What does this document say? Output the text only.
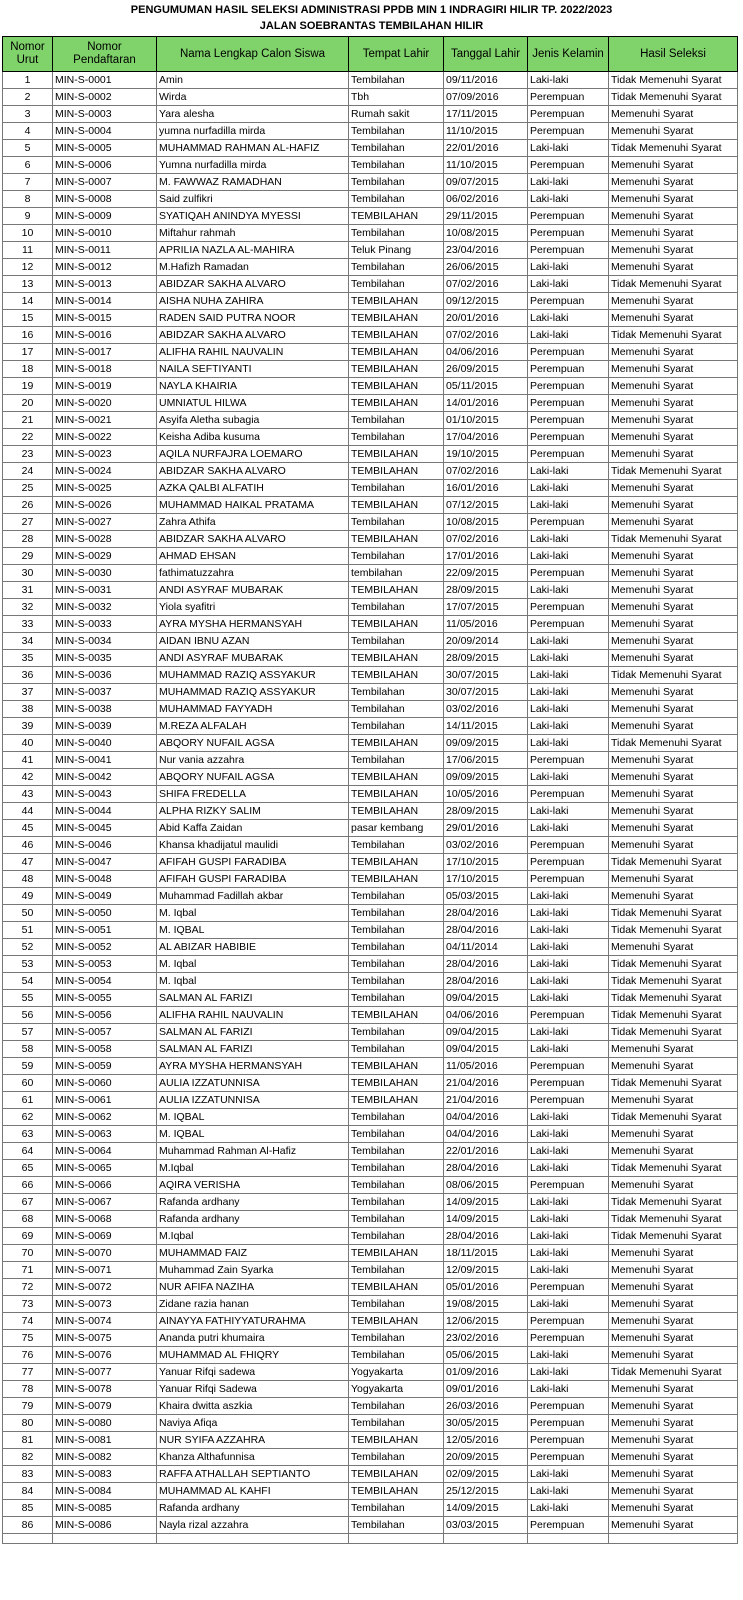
PENGUMUMAN HASIL SELEKSI ADMINISTRASI PPDB MIN 1 INDRAGIRI HILIR TP. 2022/2023
JALAN SOEBRANTAS TEMBILAHAN HILIR
Nomor Urut	Nomor Pendaftaran	Nama Lengkap Calon Siswa	Tempat Lahir	Tanggal Lahir	Jenis Kelamin	Hasil Seleksi
1	MIN-S-0001	Amin	Tembilahan	09/11/2016	Laki-laki	Tidak Memenuhi Syarat
2	MIN-S-0002	Wirda	Tbh	07/09/2016	Perempuan	Tidak Memenuhi Syarat
3	MIN-S-0003	Yara alesha	Rumah sakit	17/11/2015	Perempuan	Memenuhi Syarat
4	MIN-S-0004	yumna nurfadilla mirda	Tembilahan	11/10/2015	Perempuan	Memenuhi Syarat
5	MIN-S-0005	MUHAMMAD RAHMAN AL-HAFIZ	Tembilahan	22/01/2016	Laki-laki	Tidak Memenuhi Syarat
6	MIN-S-0006	Yumna nurfadilla mirda	Tembilahan	11/10/2015	Perempuan	Memenuhi Syarat
7	MIN-S-0007	M. FAWWAZ RAMADHAN	Tembilahan	09/07/2015	Laki-laki	Memenuhi Syarat
8	MIN-S-0008	Said zulfikri	Tembilahan	06/02/2016	Laki-laki	Memenuhi Syarat
9	MIN-S-0009	SYATIQAH ANINDYA MYESSI	TEMBILAHAN	29/11/2015	Perempuan	Memenuhi Syarat
10	MIN-S-0010	Miftahur rahmah	Tembilahan	10/08/2015	Perempuan	Memenuhi Syarat
11	MIN-S-0011	APRILIA NAZLA AL-MAHIRA	Teluk Pinang	23/04/2016	Perempuan	Memenuhi Syarat
12	MIN-S-0012	M.Hafizh Ramadan	Tembilahan	26/06/2015	Laki-laki	Memenuhi Syarat
13	MIN-S-0013	ABIDZAR SAKHA ALVARO	Tembilahan	07/02/2016	Laki-laki	Tidak Memenuhi Syarat
14	MIN-S-0014	AISHA NUHA ZAHIRA	TEMBILAHAN	09/12/2015	Perempuan	Memenuhi Syarat
15	MIN-S-0015	RADEN SAID PUTRA NOOR	TEMBILAHAN	20/01/2016	Laki-laki	Memenuhi Syarat
16	MIN-S-0016	ABIDZAR SAKHA ALVARO	TEMBILAHAN	07/02/2016	Laki-laki	Tidak Memenuhi Syarat
17	MIN-S-0017	ALIFHA RAHIL NAUVALIN	TEMBILAHAN	04/06/2016	Perempuan	Memenuhi Syarat
18	MIN-S-0018	NAILA SEFTIYANTI	TEMBILAHAN	26/09/2015	Perempuan	Memenuhi Syarat
19	MIN-S-0019	NAYLA KHAIRIA	TEMBILAHAN	05/11/2015	Perempuan	Memenuhi Syarat
20	MIN-S-0020	UMNIATUL HILWA	TEMBILAHAN	14/01/2016	Perempuan	Memenuhi Syarat
21	MIN-S-0021	Asyifa Aletha subagia	Tembilahan	01/10/2015	Perempuan	Memenuhi Syarat
22	MIN-S-0022	Keisha Adiba kusuma	Tembilahan	17/04/2016	Perempuan	Memenuhi Syarat
23	MIN-S-0023	AQILA NURFAJRA LOEMARO	TEMBILAHAN	19/10/2015	Perempuan	Memenuhi Syarat
24	MIN-S-0024	ABIDZAR SAKHA ALVARO	TEMBILAHAN	07/02/2016	Laki-laki	Tidak Memenuhi Syarat
25	MIN-S-0025	AZKA QALBI ALFATIH	Tembilahan	16/01/2016	Laki-laki	Memenuhi Syarat
26	MIN-S-0026	MUHAMMAD HAIKAL PRATAMA	TEMBILAHAN	07/12/2015	Laki-laki	Memenuhi Syarat
27	MIN-S-0027	Zahra Athifa	Tembilahan	10/08/2015	Perempuan	Memenuhi Syarat
28	MIN-S-0028	ABIDZAR SAKHA ALVARO	TEMBILAHAN	07/02/2016	Laki-laki	Tidak Memenuhi Syarat
29	MIN-S-0029	AHMAD EHSAN	Tembilahan	17/01/2016	Laki-laki	Memenuhi Syarat
30	MIN-S-0030	fathimatuzzahra	tembilahan	22/09/2015	Perempuan	Memenuhi Syarat
31	MIN-S-0031	ANDI ASYRAF MUBARAK	TEMBILAHAN	28/09/2015	Laki-laki	Memenuhi Syarat
32	MIN-S-0032	Yiola syafitri	Tembilahan	17/07/2015	Perempuan	Memenuhi Syarat
33	MIN-S-0033	AYRA MYSHA HERMANSYAH	TEMBILAHAN	11/05/2016	Perempuan	Memenuhi Syarat
34	MIN-S-0034	AIDAN IBNU AZAN	Tembilahan	20/09/2014	Laki-laki	Memenuhi Syarat
35	MIN-S-0035	ANDI ASYRAF MUBARAK	TEMBILAHAN	28/09/2015	Laki-laki	Memenuhi Syarat
36	MIN-S-0036	MUHAMMAD RAZIQ ASSYAKUR	TEMBILAHAN	30/07/2015	Laki-laki	Tidak Memenuhi Syarat
37	MIN-S-0037	MUHAMMAD RAZIQ ASSYAKUR	Tembilahan	30/07/2015	Laki-laki	Memenuhi Syarat
38	MIN-S-0038	MUHAMMAD FAYYADH	Tembilahan	03/02/2016	Laki-laki	Memenuhi Syarat
39	MIN-S-0039	M.REZA ALFALAH	Tembilahan	14/11/2015	Laki-laki	Memenuhi Syarat
40	MIN-S-0040	ABQORY NUFAIL AGSA	TEMBILAHAN	09/09/2015	Laki-laki	Tidak Memenuhi Syarat
41	MIN-S-0041	Nur vania azzahra	Tembilahan	17/06/2015	Perempuan	Memenuhi Syarat
42	MIN-S-0042	ABQORY NUFAIL AGSA	TEMBILAHAN	09/09/2015	Laki-laki	Memenuhi Syarat
43	MIN-S-0043	SHIFA FREDELLA	TEMBILAHAN	10/05/2016	Perempuan	Memenuhi Syarat
44	MIN-S-0044	ALPHA RIZKY SALIM	TEMBILAHAN	28/09/2015	Laki-laki	Memenuhi Syarat
45	MIN-S-0045	Abid Kaffa Zaidan	pasar kembang	29/01/2016	Laki-laki	Memenuhi Syarat
46	MIN-S-0046	Khansa khadijatul maulidi	Tembilahan	03/02/2016	Perempuan	Memenuhi Syarat
47	MIN-S-0047	AFIFAH GUSPI FARADIBA	TEMBILAHAN	17/10/2015	Perempuan	Tidak Memenuhi Syarat
48	MIN-S-0048	AFIFAH GUSPI FARADIBA	TEMBILAHAN	17/10/2015	Perempuan	Memenuhi Syarat
49	MIN-S-0049	Muhammad Fadillah akbar	Tembilahan	05/03/2015	Laki-laki	Memenuhi Syarat
50	MIN-S-0050	M. Iqbal	Tembilahan	28/04/2016	Laki-laki	Tidak Memenuhi Syarat
51	MIN-S-0051	M. IQBAL	Tembilahan	28/04/2016	Laki-laki	Tidak Memenuhi Syarat
52	MIN-S-0052	AL ABIZAR HABIBIE	Tembilahan	04/11/2014	Laki-laki	Memenuhi Syarat
53	MIN-S-0053	M. Iqbal	Tembilahan	28/04/2016	Laki-laki	Tidak Memenuhi Syarat
54	MIN-S-0054	M. Iqbal	Tembilahan	28/04/2016	Laki-laki	Tidak Memenuhi Syarat
55	MIN-S-0055	SALMAN AL FARIZI	Tembilahan	09/04/2015	Laki-laki	Tidak Memenuhi Syarat
56	MIN-S-0056	ALIFHA RAHIL NAUVALIN	TEMBILAHAN	04/06/2016	Perempuan	Tidak Memenuhi Syarat
57	MIN-S-0057	SALMAN AL FARIZI	Tembilahan	09/04/2015	Laki-laki	Tidak Memenuhi Syarat
58	MIN-S-0058	SALMAN AL FARIZI	Tembilahan	09/04/2015	Laki-laki	Memenuhi Syarat
59	MIN-S-0059	AYRA MYSHA HERMANSYAH	TEMBILAHAN	11/05/2016	Perempuan	Memenuhi Syarat
60	MIN-S-0060	AULIA IZZATUNNISA	TEMBILAHAN	21/04/2016	Perempuan	Tidak Memenuhi Syarat
61	MIN-S-0061	AULIA IZZATUNNISA	TEMBILAHAN	21/04/2016	Perempuan	Memenuhi Syarat
62	MIN-S-0062	M. IQBAL	Tembilahan	04/04/2016	Laki-laki	Tidak Memenuhi Syarat
63	MIN-S-0063	M. IQBAL	Tembilahan	04/04/2016	Laki-laki	Memenuhi Syarat
64	MIN-S-0064	Muhammad Rahman Al-Hafiz	Tembilahan	22/01/2016	Laki-laki	Memenuhi Syarat
65	MIN-S-0065	M.Iqbal	Tembilahan	28/04/2016	Laki-laki	Tidak Memenuhi Syarat
66	MIN-S-0066	AQIRA VERISHA	Tembilahan	08/06/2015	Perempuan	Memenuhi Syarat
67	MIN-S-0067	Rafanda ardhany	Tembilahan	14/09/2015	Laki-laki	Tidak Memenuhi Syarat
68	MIN-S-0068	Rafanda ardhany	Tembilahan	14/09/2015	Laki-laki	Tidak Memenuhi Syarat
69	MIN-S-0069	M.Iqbal	Tembilahan	28/04/2016	Laki-laki	Tidak Memenuhi Syarat
70	MIN-S-0070	MUHAMMAD FAIZ	TEMBILAHAN	18/11/2015	Laki-laki	Memenuhi Syarat
71	MIN-S-0071	Muhammad Zain Syarka	Tembilahan	12/09/2015	Laki-laki	Memenuhi Syarat
72	MIN-S-0072	NUR AFIFA NAZIHA	TEMBILAHAN	05/01/2016	Perempuan	Memenuhi Syarat
73	MIN-S-0073	Zidane razia hanan	Tembilahan	19/08/2015	Laki-laki	Memenuhi Syarat
74	MIN-S-0074	AINAYYA FATHIYYATURAHMA	TEMBILAHAN	12/06/2015	Perempuan	Memenuhi Syarat
75	MIN-S-0075	Ananda putri khumaira	Tembilahan	23/02/2016	Perempuan	Memenuhi Syarat
76	MIN-S-0076	MUHAMMAD AL FHIQRY	Tembilahan	05/06/2015	Laki-laki	Memenuhi Syarat
77	MIN-S-0077	Yanuar Rifqi sadewa	Yogyakarta	01/09/2016	Laki-laki	Tidak Memenuhi Syarat
78	MIN-S-0078	Yanuar Rifqi Sadewa	Yogyakarta	09/01/2016	Laki-laki	Memenuhi Syarat
79	MIN-S-0079	Khaira dwitta aszkia	Tembilahan	26/03/2016	Perempuan	Memenuhi Syarat
80	MIN-S-0080	Naviya Afiqa	Tembilahan	30/05/2015	Perempuan	Memenuhi Syarat
81	MIN-S-0081	NUR SYIFA AZZAHRA	TEMBILAHAN	12/05/2016	Perempuan	Memenuhi Syarat
82	MIN-S-0082	Khanza Althafunnisa	Tembilahan	20/09/2015	Perempuan	Memenuhi Syarat
83	MIN-S-0083	RAFFA ATHALLAH SEPTIANTO	TEMBILAHAN	02/09/2015	Laki-laki	Memenuhi Syarat
84	MIN-S-0084	MUHAMMAD AL KAHFI	TEMBILAHAN	25/12/2015	Laki-laki	Memenuhi Syarat
85	MIN-S-0085	Rafanda ardhany	Tembilahan	14/09/2015	Laki-laki	Memenuhi Syarat
86	MIN-S-0086	Nayla rizal azzahra	Tembilahan	03/03/2015	Perempuan	Memenuhi Syarat
